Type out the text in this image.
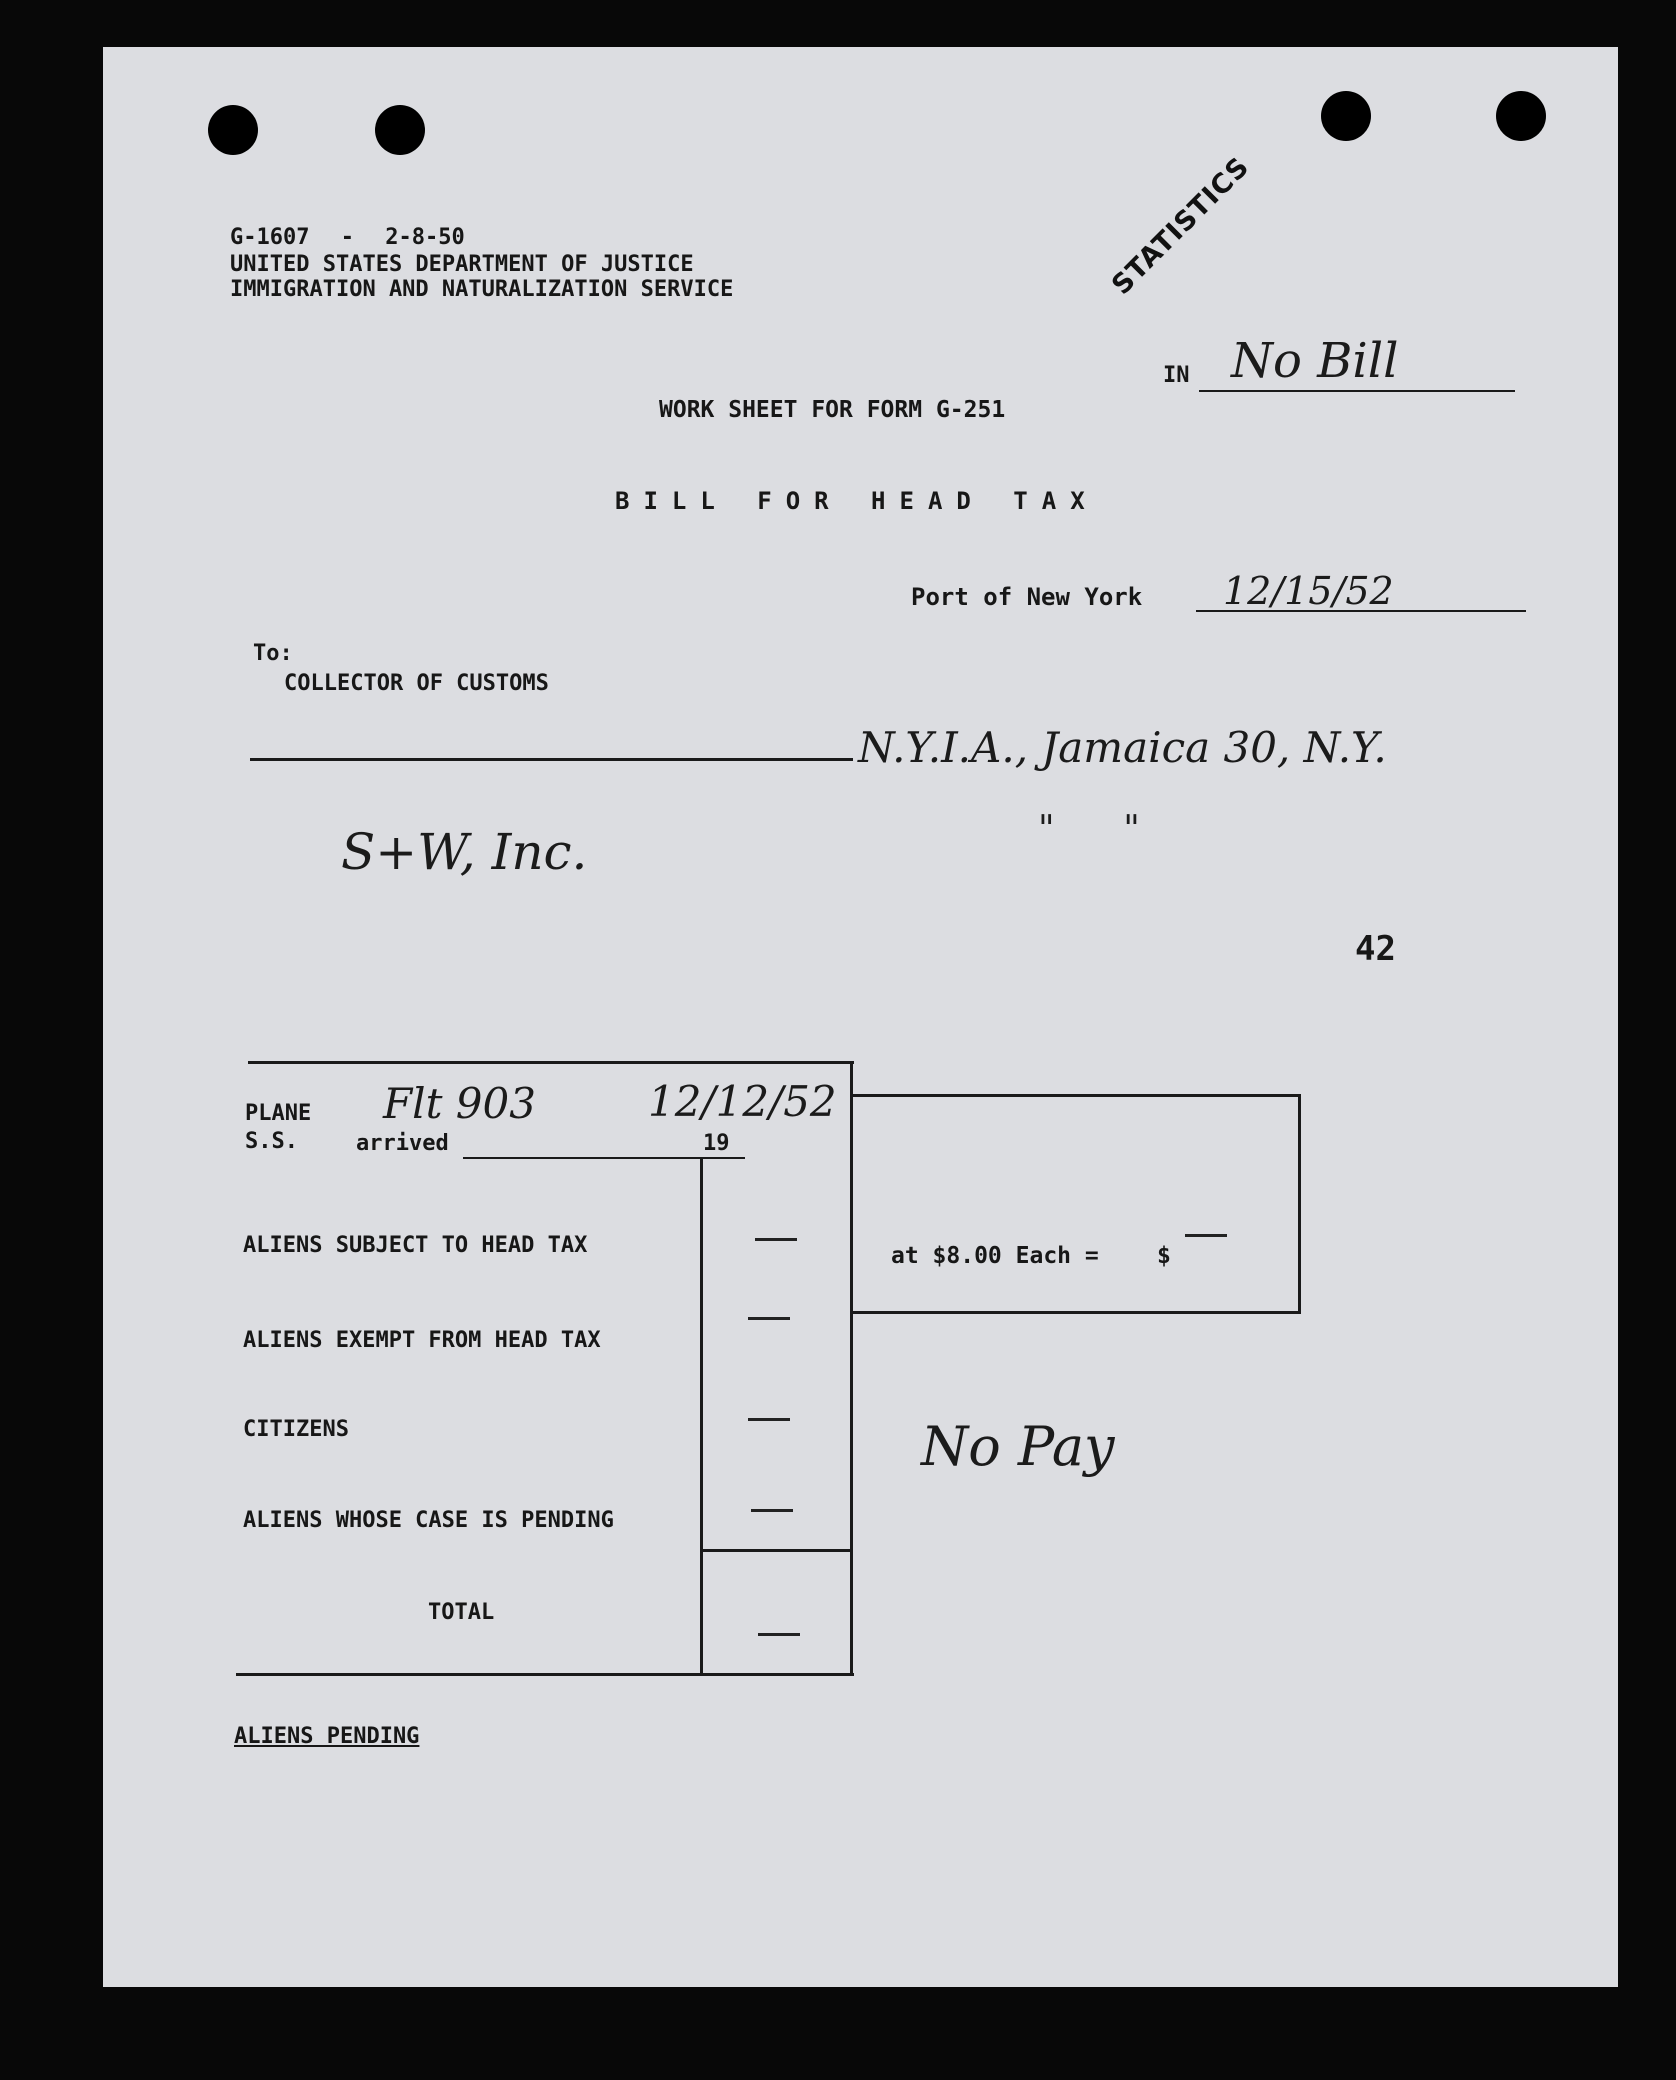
G-1607 - 2-8-50
UNITED STATES DEPARTMENT OF JUSTICE
IMMIGRATION AND NATURALIZATION SERVICE	STATISTICS
IN No Bill
WORK SHEET FOR FORM G-251
BILL FOR HEAD TAX
Port of New York 12/15/52
To:
COLLECTOR OF CUSTOMS
N.Y.I.A., Jamaica 30, N.Y.
S+W, Inc.	"      "
42
PLANE
S.S.	arrived	19
Flt 903	12/12/52
ALIENS SUBJECT TO HEAD TAX
ALIENS EXEMPT FROM HEAD TAX
CITIZENS
ALIENS WHOSE CASE IS PENDING
TOTAL
at $8.00 Each =	$
No Pay
ALIENS PENDING
